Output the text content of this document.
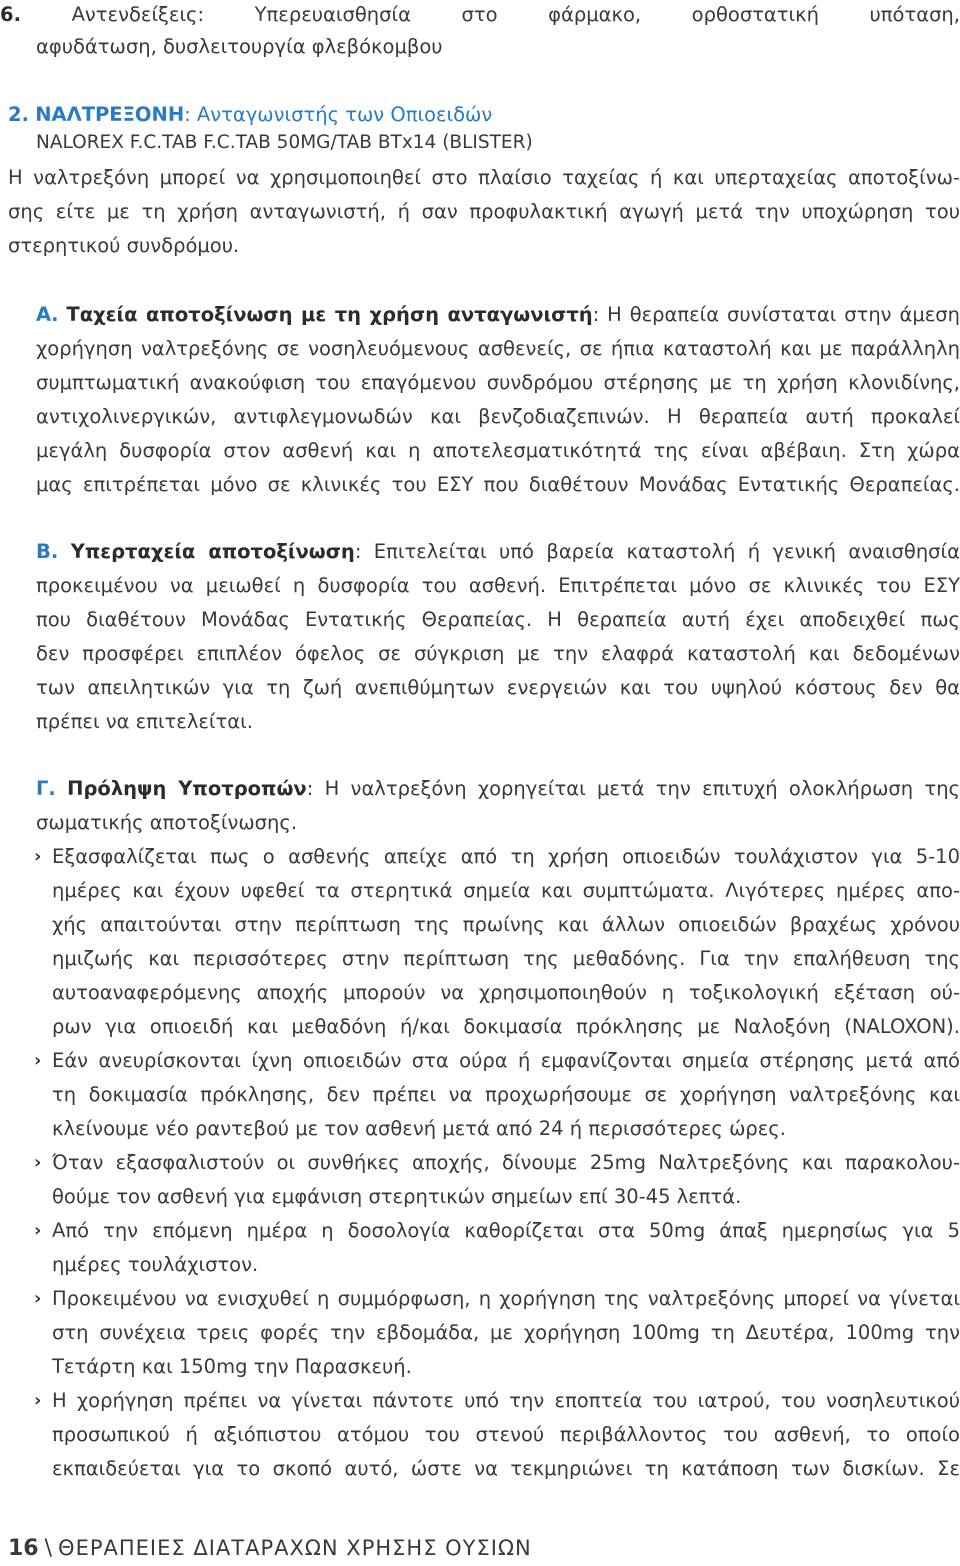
6.	Αντενδείξεις: Υπερευαισθησία στο φάρμακο, ορθοστατική υπόταση,
αφυδάτωση, δυσλειτουργία φλεβόκομβου
2. ΝΑΛΤΡΕΞΟΝΗ: Ανταγωνιστής των Οπιοειδών
NALOREX F.C.TAB F.C.TAB 50MG/TAB BTx14 (BLISTER)
Η ναλτρεξόνη μπορεί να χρησιμοποιηθεί στο πλαίσιο ταχείας ή και υπερταχείας αποτοξίνω-
σης είτε με τη χρήση ανταγωνιστή, ή σαν προφυλακτική αγωγή μετά την υποχώρηση του
στερητικού συνδρόμου.
Α. Ταχεία αποτοξίνωση με τη χρήση ανταγωνιστή: Η θεραπεία συνίσταται στην άμεση
χορήγηση ναλτρεξόνης σε νοσηλευόμενους ασθενείς, σε ήπια καταστολή και με παράλληλη
συμπτωματική ανακούφιση του επαγόμενου συνδρόμου στέρησης με τη χρήση κλονιδίνης,
αντιχολινεργικών, αντιφλεγμονωδών και βενζοδιαζεπινών. Η θεραπεία αυτή προκαλεί
μεγάλη δυσφορία στον ασθενή και η αποτελεσματικότητά της είναι αβέβαιη. Στη χώρα
μας επιτρέπεται μόνο σε κλινικές του ΕΣΥ που διαθέτουν Μονάδας Εντατικής Θεραπείας.
Β. Υπερταχεία αποτοξίνωση: Επιτελείται υπό βαρεία καταστολή ή γενική αναισθησία
προκειμένου να μειωθεί η δυσφορία του ασθενή. Επιτρέπεται μόνο σε κλινικές του ΕΣΥ
που διαθέτουν Μονάδας Εντατικής Θεραπείας. Η θεραπεία αυτή έχει αποδειχθεί πως
δεν προσφέρει επιπλέον όφελος σε σύγκριση με την ελαφρά καταστολή και δεδομένων
των απειλητικών για τη ζωή ανεπιθύμητων ενεργειών και του υψηλού κόστους δεν θα
πρέπει να επιτελείται.
Γ. Πρόληψη Υποτροπών: Η ναλτρεξόνη χορηγείται μετά την επιτυχή ολοκλήρωση της
σωματικής αποτοξίνωσης.
› Εξασφαλίζεται πως ο ασθενής απείχε από τη χρήση οπιοειδών τουλάχιστον για 5-10
ημέρες και έχουν υφεθεί τα στερητικά σημεία και συμπτώματα. Λιγότερες ημέρες απο-
χής απαιτούνται στην περίπτωση της πρωίνης και άλλων οπιοειδών βραχέως χρόνου
ημιζωής και περισσότερες στην περίπτωση της μεθαδόνης. Για την επαλήθευση της
αυτοαναφερόμενης αποχής μπορούν να χρησιμοποιηθούν η τοξικολογική εξέταση ού-
ρων για οπιοειδή και μεθαδόνη ή/και δοκιμασία πρόκλησης με Ναλοξόνη (NALOXON).
› Εάν ανευρίσκονται ίχνη οπιοειδών στα ούρα ή εμφανίζονται σημεία στέρησης μετά από
τη δοκιμασία πρόκλησης, δεν πρέπει να προχωρήσουμε σε χορήγηση ναλτρεξόνης και
κλείνουμε νέο ραντεβού με τον ασθενή μετά από 24 ή περισσότερες ώρες.
› Όταν εξασφαλιστούν οι συνθήκες αποχής, δίνουμε 25mg Ναλτρεξόνης και παρακολου-
θούμε τον ασθενή για εμφάνιση στερητικών σημείων επί 30-45 λεπτά.
› Από την επόμενη ημέρα η δοσολογία καθορίζεται στα 50mg άπαξ ημερησίως για 5
ημέρες τουλάχιστον.
› Προκειμένου να ενισχυθεί η συμμόρφωση, η χορήγηση της ναλτρεξόνης μπορεί να γίνεται
στη συνέχεια τρεις φορές την εβδομάδα, με χορήγηση 100mg τη Δευτέρα, 100mg την
Τετάρτη και 150mg την Παρασκευή.
› Η χορήγηση πρέπει να γίνεται πάντοτε υπό την εποπτεία του ιατρού, του νοσηλευτικού
προσωπικού ή αξιόπιστου ατόμου του στενού περιβάλλοντος του ασθενή, το οποίο
εκπαιδεύεται για το σκοπό αυτό, ώστε να τεκμηριώνει τη κατάποση των δισκίων. Σε
16 \ ΘΕΡΑΠΕΙΕΣ ΔΙΑΤΑΡΑΧΩΝ ΧΡΗΣΗΣ ΟΥΣΙΩΝ
